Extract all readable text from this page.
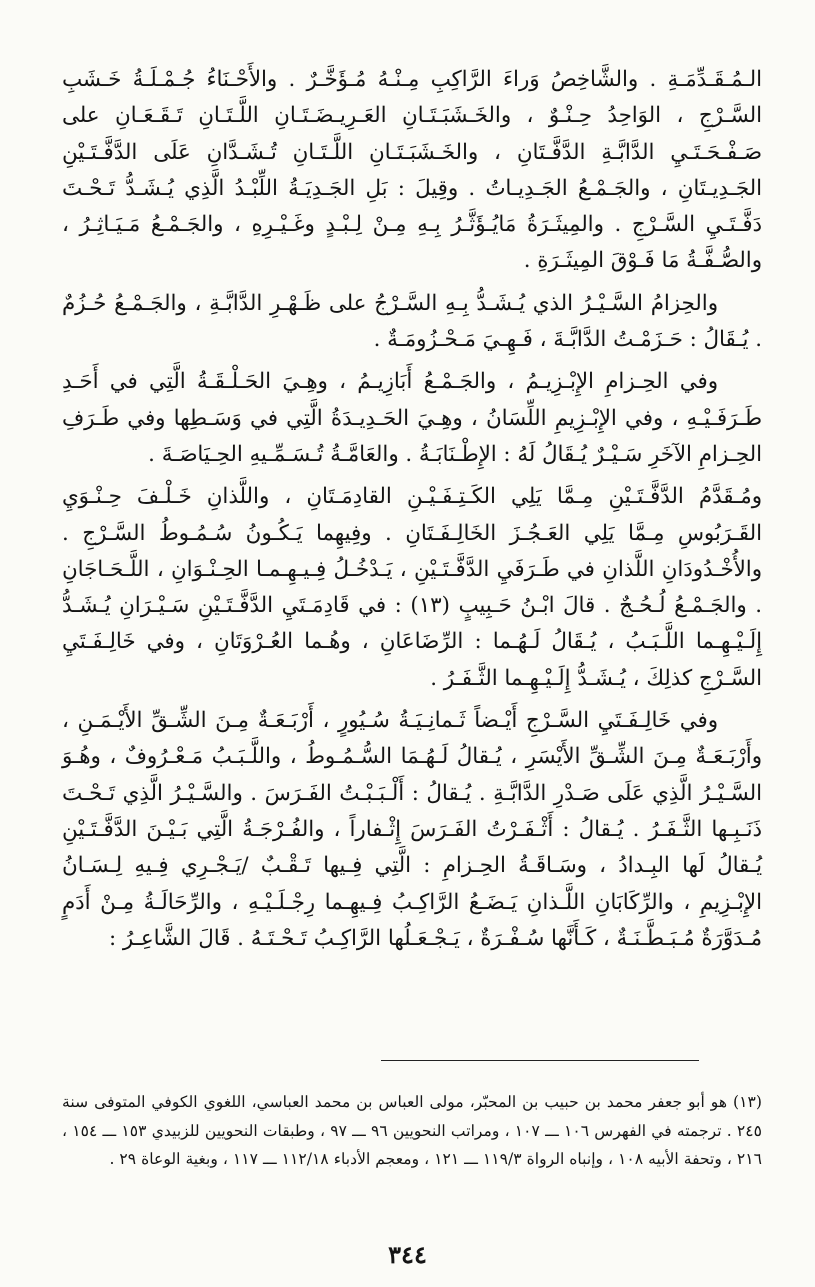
الـمُـقَـدِّمَـةِ . والشَّاخِصُ وَراءَ الرَّاكِبِ مِـنْـهُ مُـؤَخَّـرٌ . والأَحْـنَاءُ جُـمْـلَـةُ خَـشَبِ السَّـرْجِ ، الوَاحِدُ حِـنْـوٌ ، والخَـشَبَـتَـانِ العَـرِيـضَـتَـانِ اللَّـتَـانِ تَـقَـعَـانِ على صَـفْـحَـتَـيِ الدَّابَّـةِ الدَّفَّـتَانِ ، والخَـشَبَـتَـانِ اللَّـتَـانِ تُـشَـدَّانِ عَلَى الدَّفَّـتَـيْنِ الجَـدِيـتَانِ ، والجَـمْـعُ الجَـدِيـاتُ . وقِيلَ : بَلِ الجَـدِيَـةُ اللِّبْـدُ الَّذِي يُـشَـدُّ تَـحْـتَ دَفَّـتَـيِ السَّـرْجِ . والمِيثَـرَةُ مَايُـؤَثَّـرُ بِـهِ مِـنْ لِـبْـدٍ وغَـيْـرِهِ ، والجَـمْـعُ مَـيَـاثِـرُ ، والصُّـفَّـةُ مَا فَـوْقَ المِيثَـرَةِ .

والحِزامُ السَّـيْـرُ الذي يُـشَـدُّ بِـهِ السَّـرْجُ على ظَـهْـرِ الدَّابَّـةِ ، والجَـمْـعُ حُـزُمٌ . يُـقَالُ : حَـزَمْـتُ الدَّابَّـةَ ، فَـهِـيَ مَـحْـزُومَـةٌ .

وفي الحِـزامِ الإِبْـزِيـمُ ، والجَـمْـعُ أَبَازِيـمُ ، وهِـيَ الحَـلْـقَـةُ الَّتِي في أَحَـدِ طَـرَفَـيْـهِ ، وفي الإِبْـزِيمِ اللِّسَانُ ، وهِـيَ الحَـدِيـدَةُ الَّتِي في وَسَـطِها وفي طَـرَفِ الحِـزامِ الآخَرِ سَـيْـرٌ يُـقَالُ لَهُ : الإِطْـنَابَـةُ . والعَامَّـةُ تُـسَـمِّـيهِ الحِـيَاصَـةَ .

ومُـقَدَّمُ الدَّفَّـتَـيْنِ مِـمَّا يَلِي الكَـتِـفَـيْـنِ القادِمَـتَانِ ، واللَّذانِ خَـلْـفَ حِـنْـوَيِ القَـرَبُوسِ مِـمَّا يَلِي العَـجُـزَ الخَالِـفَـتَانِ . وفِيهِما يَـكُـونُ سُـمُـوطُ السَّـرْجِ . والأُخْـدُودَانِ اللَّذانِ في طَـرَفَيِ الدَّفَّـتَـيْنِ ، يَـدْخُـلُ فِـيـهِـمـا الحِـنْـوَانِ ، اللَّـحَـاجَانِ . والجَـمْـعُ لُـحُـجٌ . قالَ ابْـنُ حَـبِيبٍ (١٣) : في قَادِمَـتَيِ الدَّفَّـتَـيْنِ سَـيْـرَانِ يُـشَـدُّ إِلَـيْـهِـما اللَّـبَـبُ ، يُـقَالُ لَـهُـما : الرِّضَاعَانِ ، وهُـما العُـرْوَتَانِ ، وفي خَالِـفَـتَيِ السَّـرْجِ كذلِكَ ، يُـشَـدُّ إِلَـيْـهِـما الثَّـفَـرُ .

وفي خَالِـفَـتَيِ السَّـرْجِ أَيْـضاً ثَـمانِـيَـةُ سُـيُورٍ ، أَرْبَـعَـةٌ مِـنَ الشِّـقِّ الأَيْـمَـنِ ، وأَرْبَـعَـةٌ مِـنَ الشِّـقِّ الأَيْسَرِ ، يُـقالُ لَـهُـمَا السُّـمُـوطُ ، واللَّـبَـبُ مَـعْـرُوفٌ ، وهُـوَ السَّـيْـرُ الَّذِي عَلَى صَـدْرِ الدَّابَّـةِ . يُـقالُ : أَلْـبَـبْـتُ الفَـرَسَ . والسَّـيْـرُ الَّذِي تَـحْـتَ ذَنَـبِـها الثَّـفَـرُ . يُـقالُ : أَثْـفَـرْتُ الفَـرَسَ إِثْـفاراً ، والفُـرْجَـةُ الَّتِي بَـيْـنَ الدَّفَّـتَـيْنِ يُـقالُ لَها البِـدادُ ، وسَـاقَـةُ الحِـزامِ : الَّتِي فِـيها تَـقْـبٌ /يَـجْـرِي فِـيهِ لِـسَـانُ الإِبْـزِيمِ ، والرِّكَابَانِ اللَّـذانِ يَـضَـعُ الرَّاكِـبُ فِـيهِـما رِجْـلَـيْـهِ ، والرِّحَالَـةُ مِـنْ أَدَمٍ مُـدَوَّرَةٌ مُـبَـطَّـنَـةٌ ، كَـأَنَّها سُـفْـرَةٌ ، يَـجْـعَـلُها الرَّاكِـبُ تَـحْـتَـهُ . قَالَ الشَّاعِـرُ :

(١٣) هو أبو جعفر محمد بن حبيب بن المحبّر، مولى العباس بن محمد العباسي، اللغوي الكوفي المتوفى سنة ٢٤٥ . ترجمته في الفهرس ١٠٦ ـــ ١٠٧ ، ومراتب النحويين ٩٦ ـــ ٩٧ ، وطبقات النحويين للزبيدي ١٥٣ ـــ ١٥٤ ، ٢١٦ ، وتحفة الأبيه ١٠٨ ، وإنباه الرواة ١١٩/٣ ـــ ١٢١ ، ومعجم الأدباء ١١٢/١٨ ـــ ١١٧ ، وبغية الوعاة ٢٩ .

٣٤٤
